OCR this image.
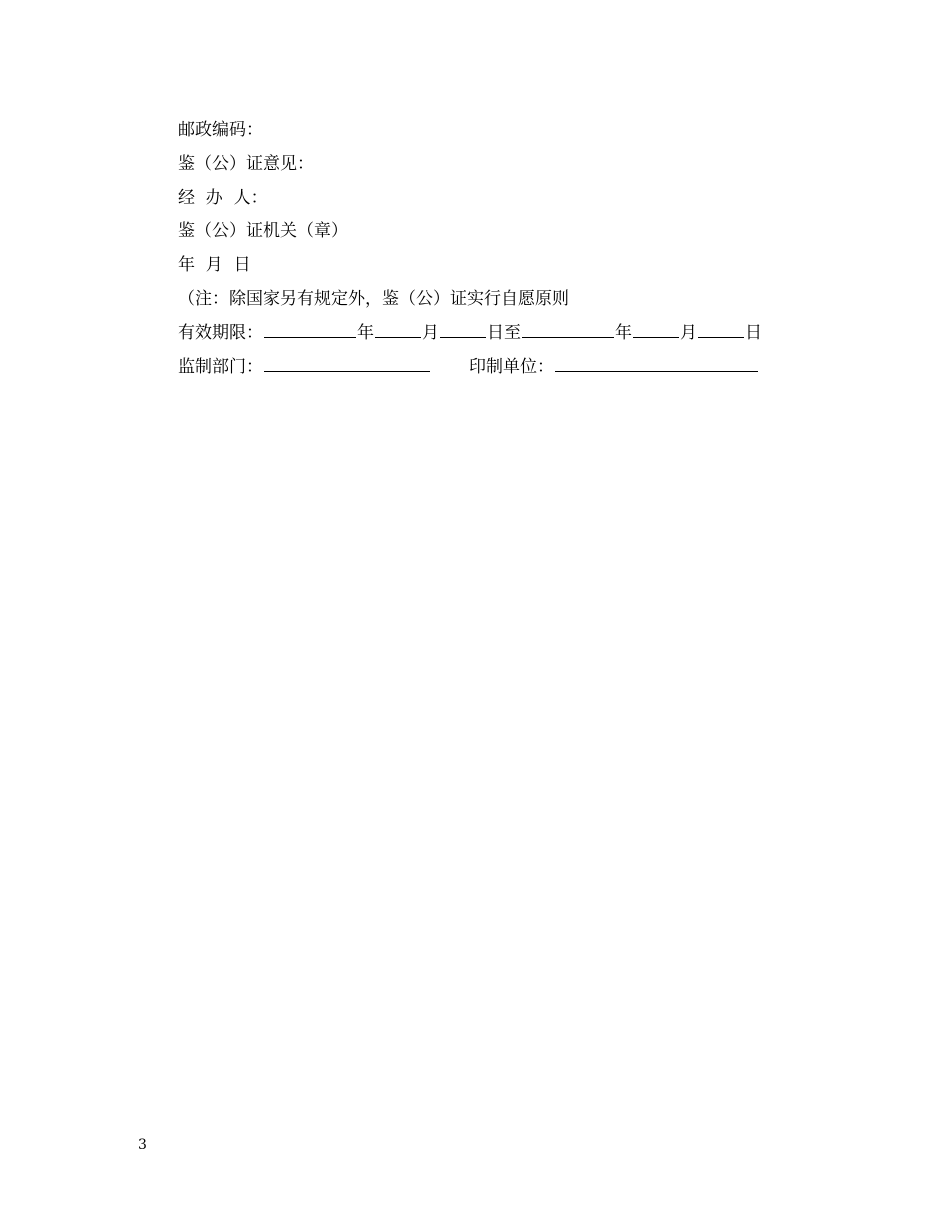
邮政编码：
鉴（公）证意见：
经  办  人：
鉴（公）证机关（章）
年  月  日
（注：除国家另有规定外，鉴（公）证实行自愿原则
有效期限：	年	月	日至	年	月	日
监制部门：	印制单位：
3
